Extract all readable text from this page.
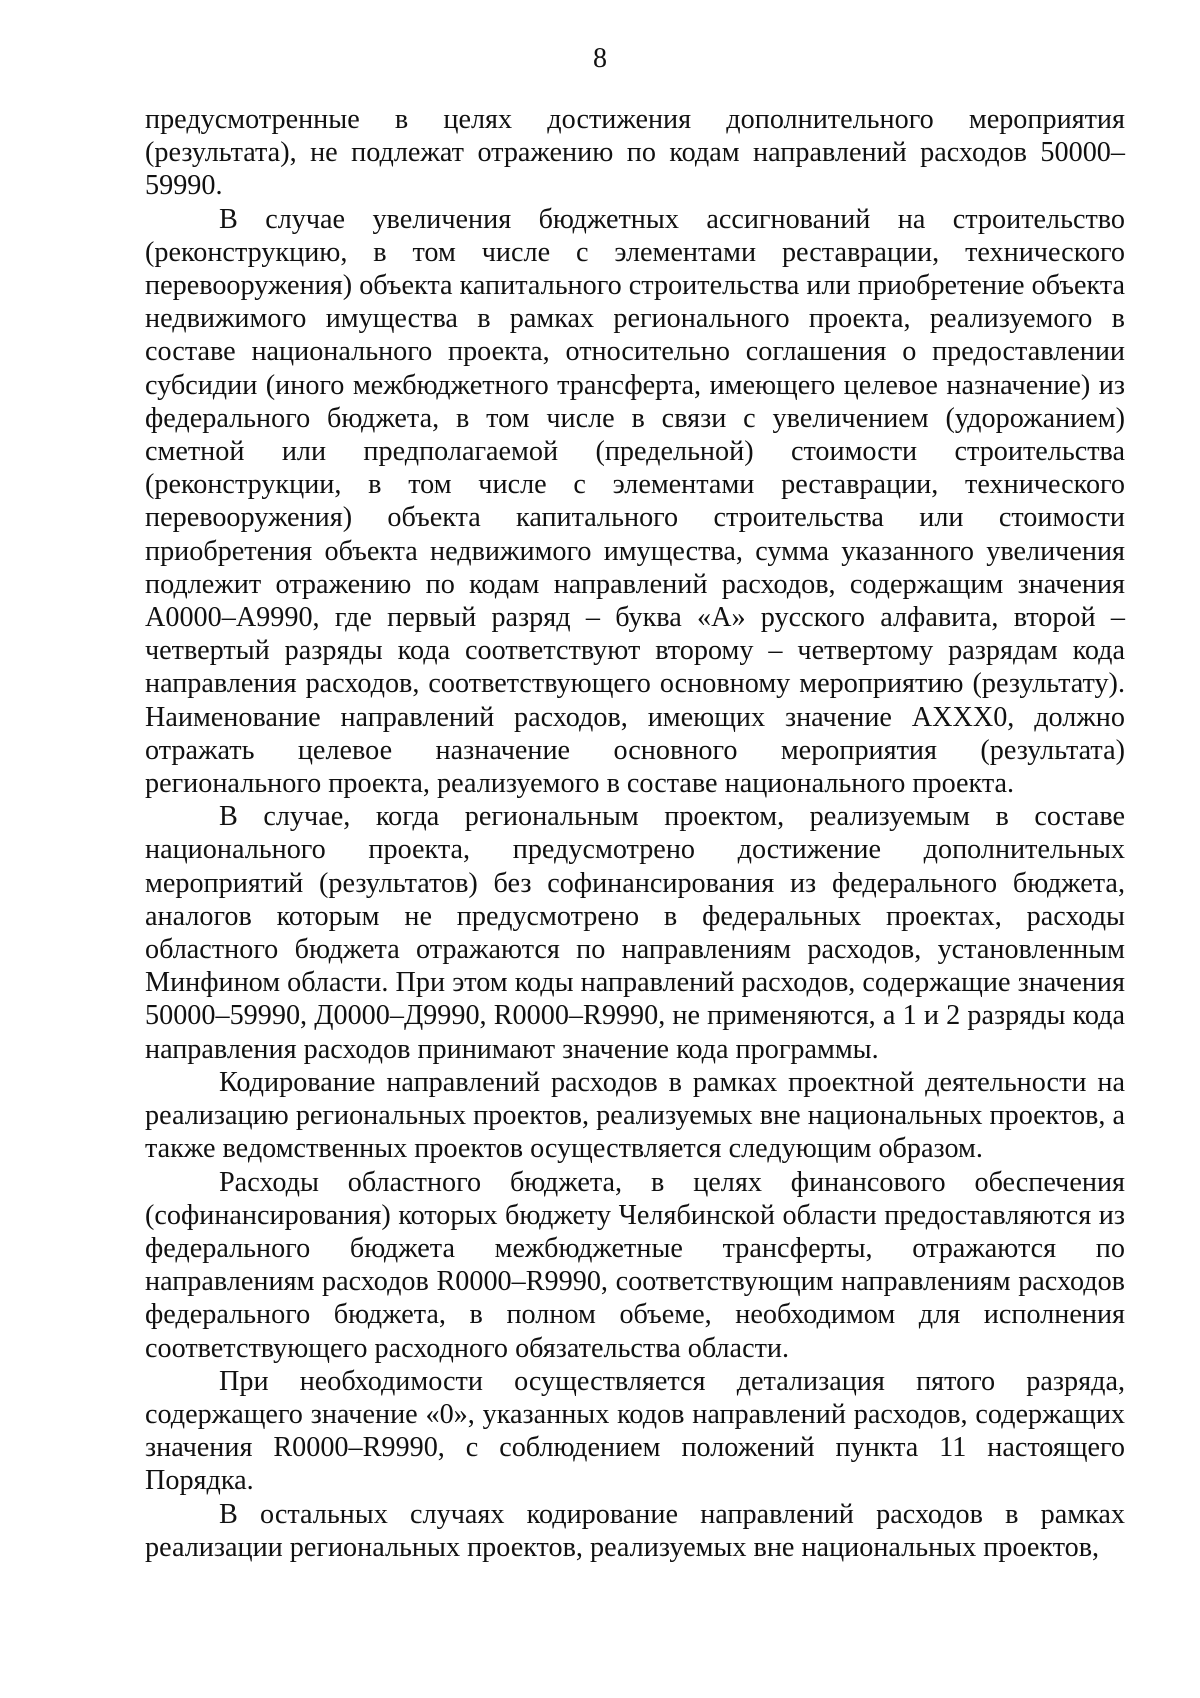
8

предусмотренные в целях достижения дополнительного мероприятия (результата), не подлежат отражению по кодам направлений расходов 50000–59990.

В случае увеличения бюджетных ассигнований на строительство (реконструкцию, в том числе с элементами реставрации, технического перевооружения) объекта капитального строительства или приобретение объекта недвижимого имущества в рамках регионального проекта, реализуемого в составе национального проекта, относительно соглашения о предоставлении субсидии (иного межбюджетного трансферта, имеющего целевое назначение) из федерального бюджета, в том числе в связи с увеличением (удорожанием) сметной или предполагаемой (предельной) стоимости строительства (реконструкции, в том числе с элементами реставрации, технического перевооружения) объекта капитального строительства или стоимости приобретения объекта недвижимого имущества, сумма указанного увеличения подлежит отражению по кодам направлений расходов, содержащим значения А0000–А9990, где первый разряд – буква «А» русского алфавита, второй – четвертый разряды кода соответствуют второму – четвертому разрядам кода направления расходов, соответствующего основному мероприятию (результату). Наименование направлений расходов, имеющих значение АХХХ0, должно отражать целевое назначение основного мероприятия (результата) регионального проекта, реализуемого в составе национального проекта.

В случае, когда региональным проектом, реализуемым в составе национального проекта, предусмотрено достижение дополнительных мероприятий (результатов) без софинансирования из федерального бюджета, аналогов которым не предусмотрено в федеральных проектах, расходы областного бюджета отражаются по направлениям расходов, установленным Минфином области. При этом коды направлений расходов, содержащие значения 50000–59990, Д0000–Д9990, R0000–R9990, не применяются, а 1 и 2 разряды кода направления расходов принимают значение кода программы.

Кодирование направлений расходов в рамках проектной деятельности на реализацию региональных проектов, реализуемых вне национальных проектов, а также ведомственных проектов осуществляется следующим образом.

Расходы областного бюджета, в целях финансового обеспечения (софинансирования) которых бюджету Челябинской области предоставляются из федерального бюджета межбюджетные трансферты, отражаются по направлениям расходов R0000–R9990, соответствующим направлениям расходов федерального бюджета, в полном объеме, необходимом для исполнения соответствующего расходного обязательства области.

При необходимости осуществляется детализация пятого разряда, содержащего значение «0», указанных кодов направлений расходов, содержащих значения R0000–R9990, с соблюдением положений пункта 11 настоящего Порядка.

В остальных случаях кодирование направлений расходов в рамках реализации региональных проектов, реализуемых вне национальных проектов,
